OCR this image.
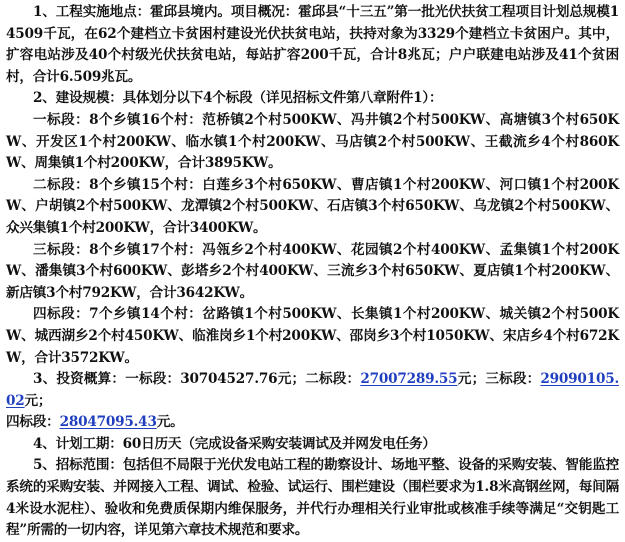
1、工程实施地点：霍邱县境内。项目概况：霍邱县“十三五”第一批光伏扶贫工程项目计划总规模14509千瓦，在62个建档立卡贫困村建设光伏扶贫电站，扶持对象为3329个建档立卡贫困户。其中，扩容电站涉及40个村级光伏扶贫电站，每站扩容200千瓦，合计8兆瓦；户户联建电站涉及41个贫困村，合计6.509兆瓦。

2、建设规模：具体划分以下4个标段（详见招标文件第八章附件1）：

一标段：8个乡镇16个村：范桥镇2个村500KW、冯井镇2个村500KW、高塘镇3个村650KW、开发区1个村200KW、临水镇1个村200KW、马店镇2个村500KW、王截流乡4个村860KW、周集镇1个村200KW，合计3895KW。

二标段：8个乡镇15个村：白莲乡3个村650KW、曹店镇1个村200KW、河口镇1个村200KW、户胡镇2个村500KW、龙潭镇2个村500KW、石店镇3个村650KW、乌龙镇2个村500KW、众兴集镇1个村200KW，合计3400KW。

三标段：8个乡镇17个村：冯瓴乡2个村400KW、花园镇2个村400KW、孟集镇1个村200KW、潘集镇3个村600KW、彭塔乡2个村400KW、三流乡3个村650KW、夏店镇1个村200KW、新店镇3个村792KW，合计3642KW。

四标段：7个乡镇14个村：岔路镇1个村500KW、长集镇1个村200KW、城关镇2个村500KW、城西湖乡2个村450KW、临淮岗乡1个村200KW、邵岗乡3个村1050KW、宋店乡4个村672KW，合计3572KW。

3、投资概算：一标段：30704527.76元；二标段：27007289.55元；三标段：29090105.02元；

四标段：28047095.43元。

4、计划工期：60日历天（完成设备采购安装调试及并网发电任务）

5、招标范围：包括但不局限于光伏发电站工程的勘察设计、场地平整、设备的采购安装、智能监控系统的采购安装、并网接入工程、调试、检验、试运行、围栏建设（围栏要求为1.8米高钢丝网，每间隔4米设水泥柱）、验收和免费质保期内维保服务，并代行办理相关行业审批或核准手续等满足“交钥匙工程”所需的一切内容，详见第六章技术规范和要求。
